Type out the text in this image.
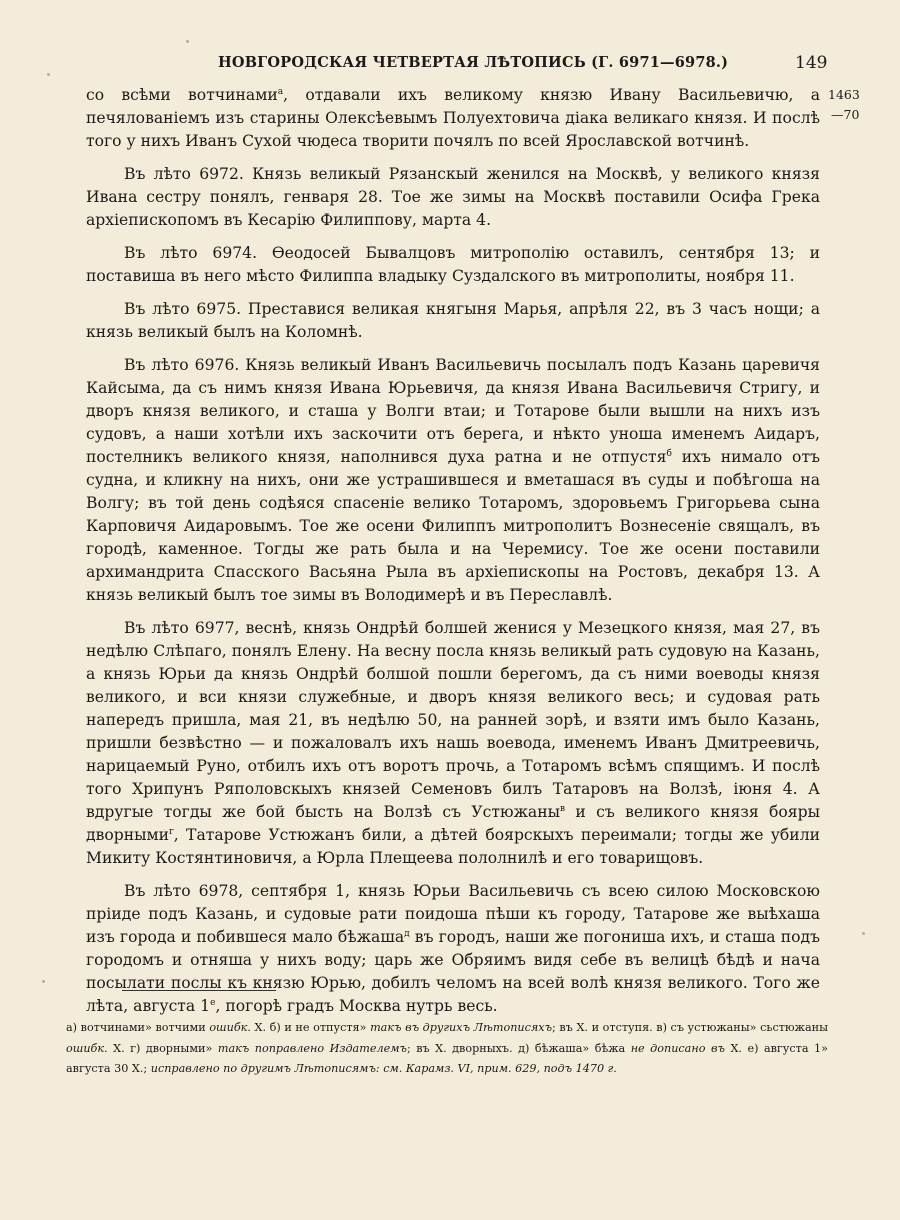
НОВГОРОДСКАЯ ЧЕТВЕРТАЯ ЛѢТОПИСЬ (Г. 6971—6978.)	149
1463
—70

со всѣми вотчинами$^а$, отдавали ихъ великому князю Ивану Васильевичю, а печялованіемъ изъ старины Олексѣевымъ Полуехтовича дiака великаго князя. И послѣ того у нихъ Иванъ Сухой чюдеса творити почялъ по всей Ярославской вотчинѣ.

Въ лѣто 6972. Князь великый Рязанскый женился на Москвѣ, у великого князя Ивана сестру понялъ, генваря 28. Тое же зимы на Москвѣ поставили Осифа Грека архiепископомъ въ Кесарiю Филиппову, марта 4.

Въ лѣто 6974. Ѳеодосей Бывалцовъ митрополiю оставилъ, сентября 13; и поставиша въ него мѣсто Филиппа владыку Суздалского въ митрополиты, ноября 11.

Въ лѣто 6975. Преставися великая княгыня Марья, апрѣля 22, въ 3 часъ нощи; а князь великый былъ на Коломнѣ.

Въ лѣто 6976. Князь великый Иванъ Васильевичь посылалъ подъ Казань царевичя Кайсыма, да съ нимъ князя Ивана Юрьевичя, да князя Ивана Васильевичя Стригу, и дворъ князя великого, и сташа у Волги втаи; и Тотарове были вышли на нихъ изъ судовъ, а наши хотѣли ихъ заскочити отъ берега, и нѣкто уноша именемъ Аидаръ, постелникъ великого князя, наполнився духа ратна и не отпустя$^б$ ихъ нимало отъ судна, и кликну на нихъ, они же устрашившеся и вметашася въ суды и побѣгоша на Волгу; въ той день содѣяся спасенiе велико Тотаромъ, здоровьемъ Григорьева сына Карповичя Аидаровымъ. Тое же осени Филиппъ митрополитъ Вознесенiе свящалъ, въ городѣ, каменное. Тогды же рать была и на Черемису. Тое же осени поставили архимандрита Спасского Васьяна Рыла въ архiепископы на Ростовъ, декабря 13. А князь великый былъ тое зимы въ Володимерѣ и въ Переславлѣ.

Въ лѣто 6977, веснѣ, князь Ондрѣй болшей женися у Мезецкого князя, мая 27, въ недѣлю Слѣпаго, понялъ Елену. На весну посла князь великый рать судовую на Казань, а князь Юрьи да князь Ондрѣй болшой пошли берегомъ, да съ ними воеводы князя великого, и вси князи служебные, и дворъ князя великого весь; и судовая рать напередъ пришла, мая 21, въ недѣлю 50, на ранней зорѣ, и взяти имъ было Казань, пришли безвѣстно — и пожаловалъ ихъ нашь воевода, именемъ Иванъ Дмитреевичь, нарицаемый Руно, отбилъ ихъ отъ воротъ прочь, а Тотаромъ всѣмъ спящимъ. И послѣ того Хрипунъ Ряполовскыхъ князей Семеновъ билъ Татаровъ на Волзѣ, iюня 4. А вдругые тогды же бой бысть на Волзѣ съ Устюжаны$^в$ и съ великого князя бояры дворными$^г$, Татарове Устюжанъ били, а дѣтей боярскыхъ переимали; тогды же убили Микиту Костянтиновичя, а Юрла Плещеева пололнилѣ и его товарищовъ.

Въ лѣто 6978, септября 1, князь Юрьи Васильевичь съ всею силою Московскою прiиде подъ Казань, и судовые рати поидоша пѣши къ городу, Татарове же выѣхаша изъ города и побившеся мало бѣжаша$^д$ въ городъ, наши же погониша ихъ, и сташа подъ городомъ и отняша у нихъ воду; царь же Обряимъ видя себе въ велицѣ бѣдѣ и нача посылати послы къ князю Юрью, добилъ челомъ на всей волѣ князя великого. Того же лѣта, августа $1^е$, погорѣ градъ Москва нутрь весь.

а) вотчинами» вотчими ошибк. Х. б) и не отпустя» такъ въ другихъ Лѣтописяхъ; въ Х. и отступя. в) съ устюжаны» сьстюжаны ошибк. Х. г) дворными» такъ поправлено Издателемъ; въ Х. дворныхъ. д) бѣжаша» бѣжа не дописано въ Х. е) августа 1» августа 30 Х.; исправлено по другимъ Лѣтописямъ: см. Карамз. VI, прим. 629, подъ 1470 г.
